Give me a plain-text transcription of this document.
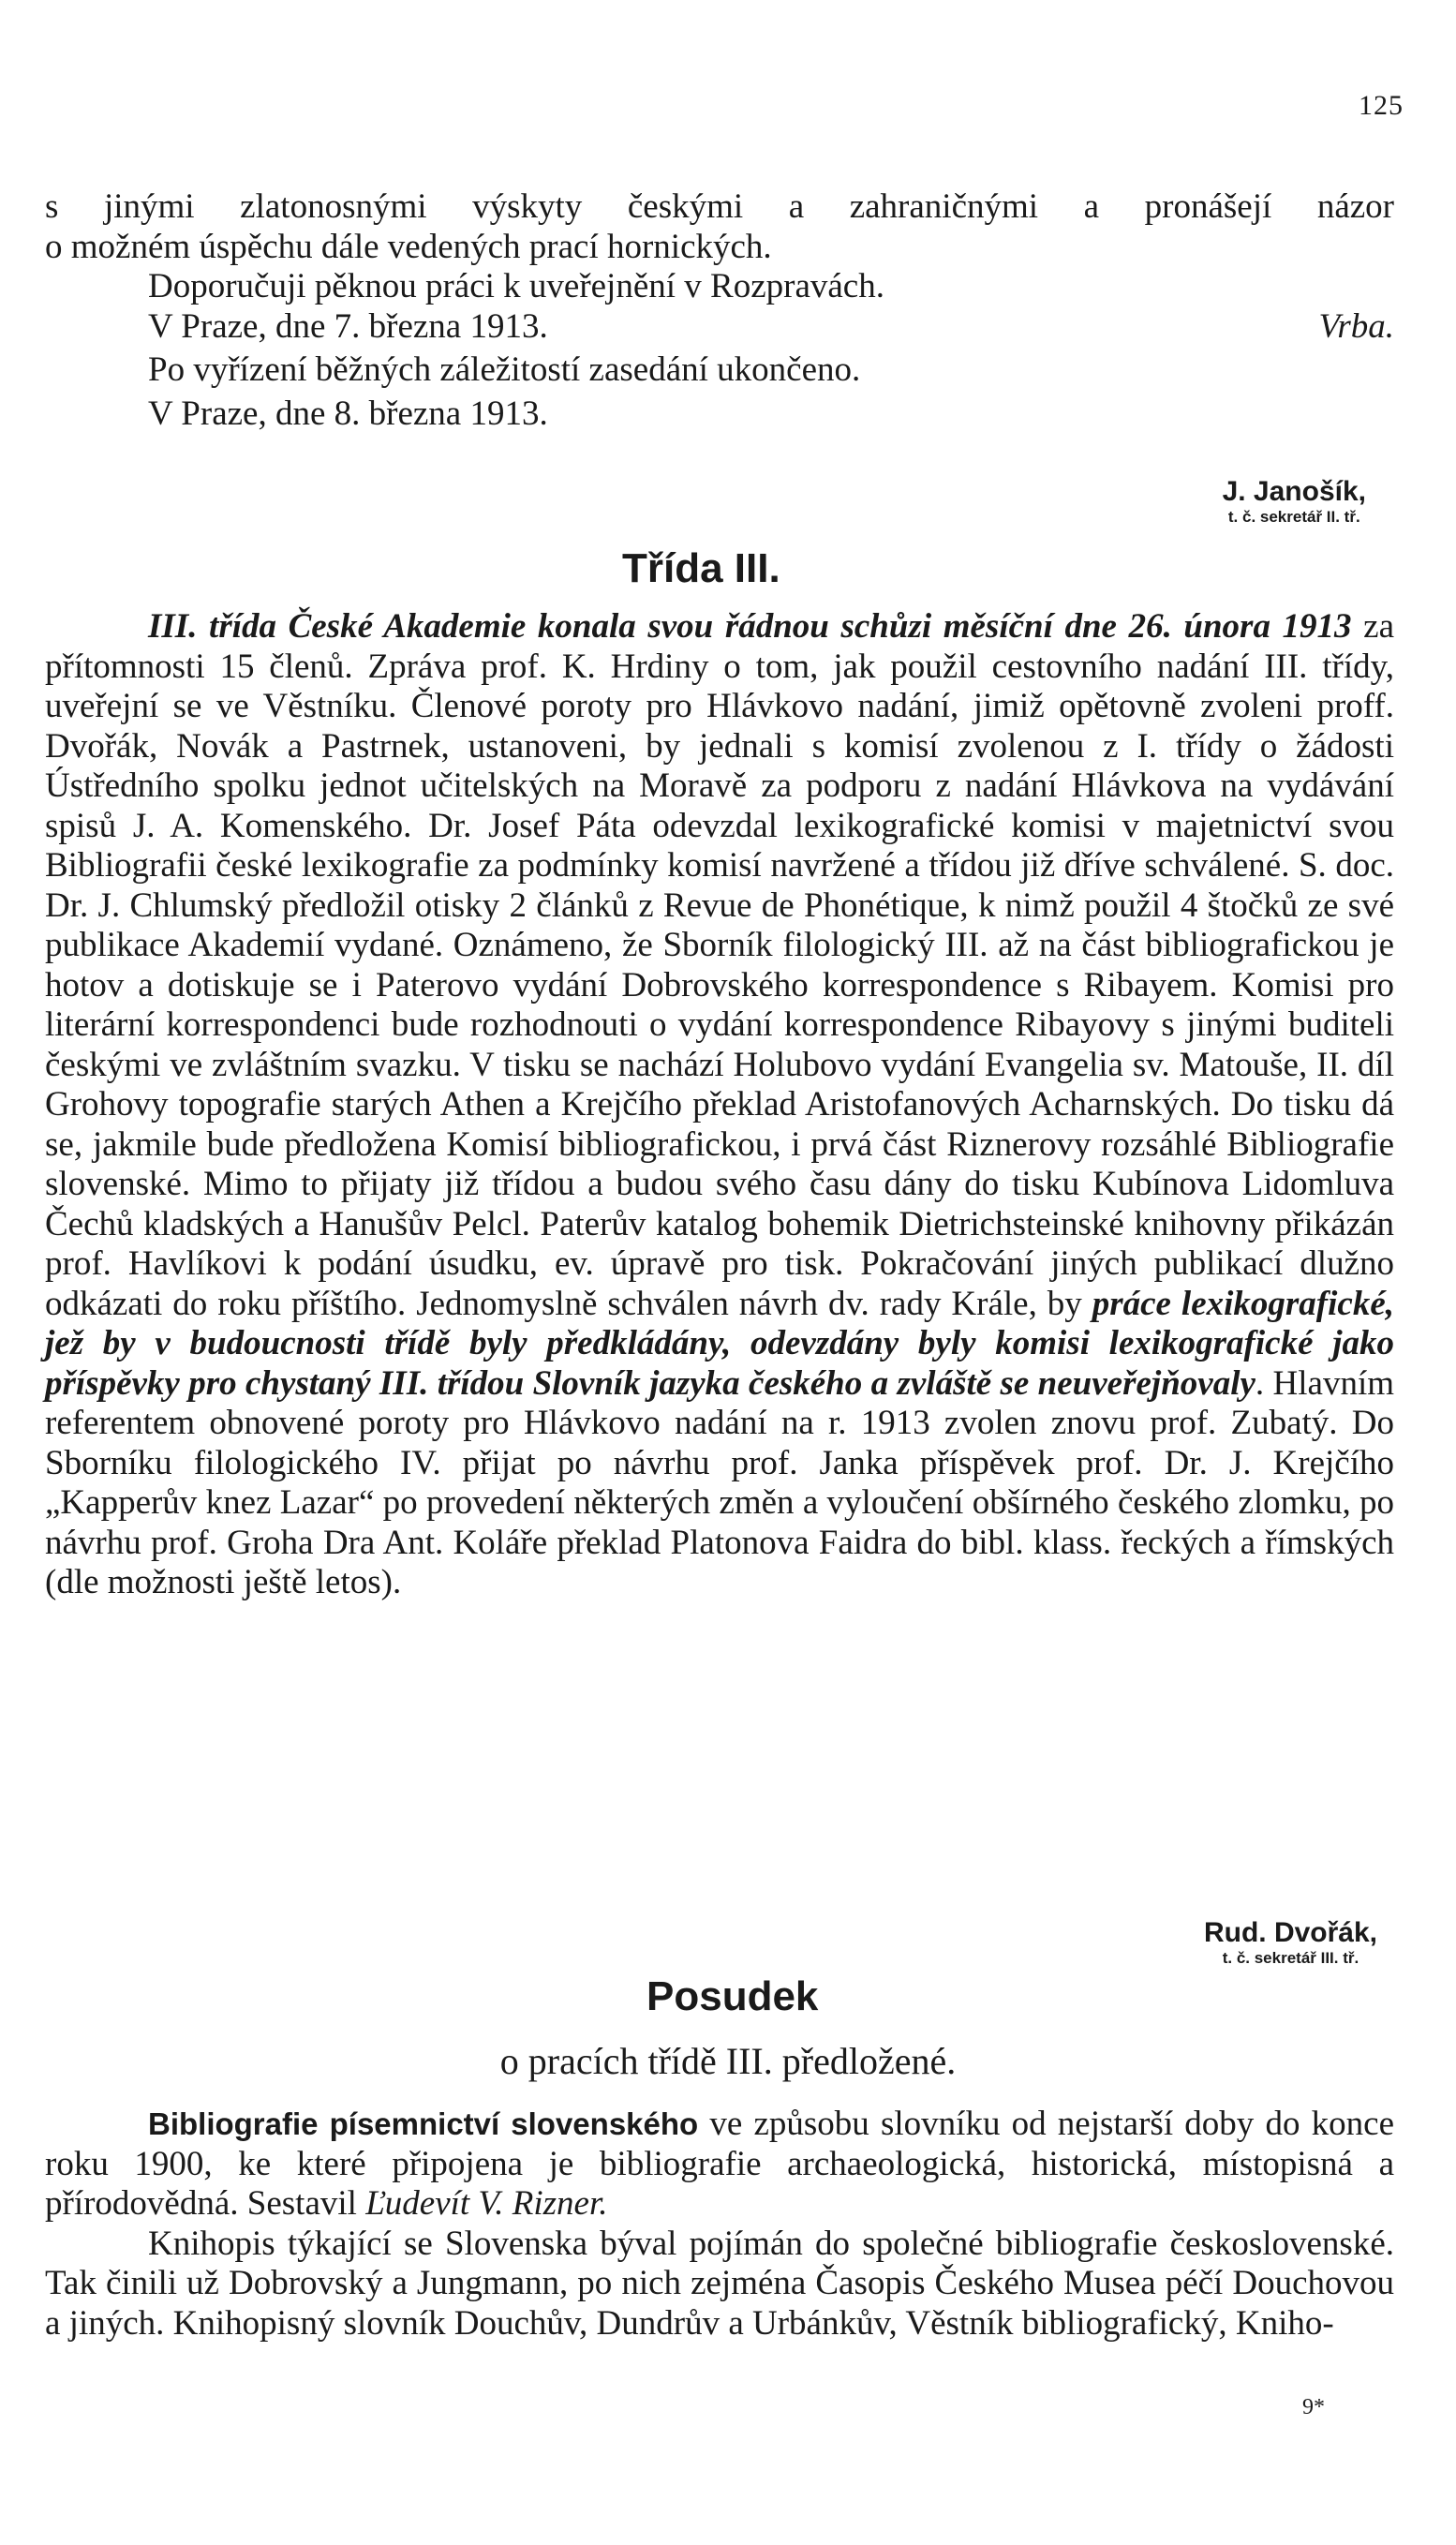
125

s jinými zlatonosnými výskyty českými a zahraničnými a pronášejí názor

o možném úspěchu dále vedených prací hornických.

Doporučuji pěknou práci k uveřejnění v Rozpravách.

V Praze, dne 7. března 1913.	Vrba.

Po vyřízení běžných záležitostí zasedání ukončeno.

V Praze, dne 8. března 1913.

J. Janošík,
t. č. sekretář II. tř.
Třída III.

III. třída České Akademie konala svou řádnou schůzi měsíční dne 26. února 1913 za přítomnosti 15 členů. Zpráva prof. K. Hrdiny o tom, jak použil cestovního nadání III. třídy, uveřejní se ve Věstníku. Členové poroty pro Hlávkovo nadání, jimiž opětovně zvoleni proff. Dvořák, Novák a Pastrnek, ustanoveni, by jednali s komisí zvolenou z I. třídy o žádosti Ústředního spolku jednot učitelských na Moravě za podporu z nadání Hlávkova na vydávání spisů J. A. Komenského. Dr. Josef Páta odevzdal lexikografické komisi v majetnictví svou Bibliografii české lexikografie za podmínky komisí navržené a třídou již dříve schválené. S. doc. Dr. J. Chlumský předložil otisky 2 článků z Revue de Phonétique, k nimž použil 4 štočků ze své publikace Akademií vydané. Oznámeno, že Sborník filologický III. až na část bibliografickou je hotov a dotiskuje se i Paterovo vydání Dobrovského korrespondence s Ribayem. Komisi pro literární korrespondenci bude rozhodnouti o vydání korrespondence Ribayovy s jinými buditeli českými ve zvláštním svazku. V tisku se nachází Holubovo vydání Evangelia sv. Matouše, II. díl Grohovy topografie starých Athen a Krejčího překlad Aristofanových Acharnských. Do tisku dá se, jakmile bude předložena Komisí bibliografickou, i prvá část Riznerovy rozsáhlé Bibliografie slovenské. Mimo to přijaty již třídou a budou svého času dány do tisku Kubínova Lidomluva Čechů kladských a Hanušův Pelcl. Paterův katalog bohemik Dietrichsteinské knihovny přikázán prof. Havlíkovi k podání úsudku, ev. úpravě pro tisk. Pokračování jiných publikací dlužno odkázati do roku příštího. Jednomyslně schválen návrh dv. rady Krále, by práce lexikografické, jež by v budoucnosti třídě byly předkládány, odevzdány byly komisi lexikografické jako příspěvky pro chystaný III. třídou Slovník jazyka českého a zvláště se neuveřejňovaly. Hlavním referentem obnovené poroty pro Hlávkovo nadání na r. 1913 zvolen znovu prof. Zubatý. Do Sborníku filologického IV. přijat po návrhu prof. Janka příspěvek prof. Dr. J. Krejčího „Kapperův knez Lazar“ po provedení některých změn a vyloučení obšírného českého zlomku, po návrhu prof. Groha Dra Ant. Koláře překlad Platonova Faidra do bibl. klass. řeckých a římských (dle možnosti ještě letos).

Rud. Dvořák,
t. č. sekretář III. tř.
Posudek
o pracích třídě III. předložené.

Bibliografie písemnictví slovenského ve způsobu slovníku od nejstarší doby do konce roku 1900, ke které připojena je bibliografie archaeologická, historická, místopisná a přírodovědná. Sestavil Ľudevít V. Rizner.

Knihopis týkající se Slovenska býval pojímán do společné bibliografie československé. Tak činili už Dobrovský a Jungmann, po nich zejména Časopis Českého Musea péčí Douchovou a jiných. Knihopisný slovník Douchův, Dundrův a Urbánkův, Věstník bibliografický, Kniho-

9*
